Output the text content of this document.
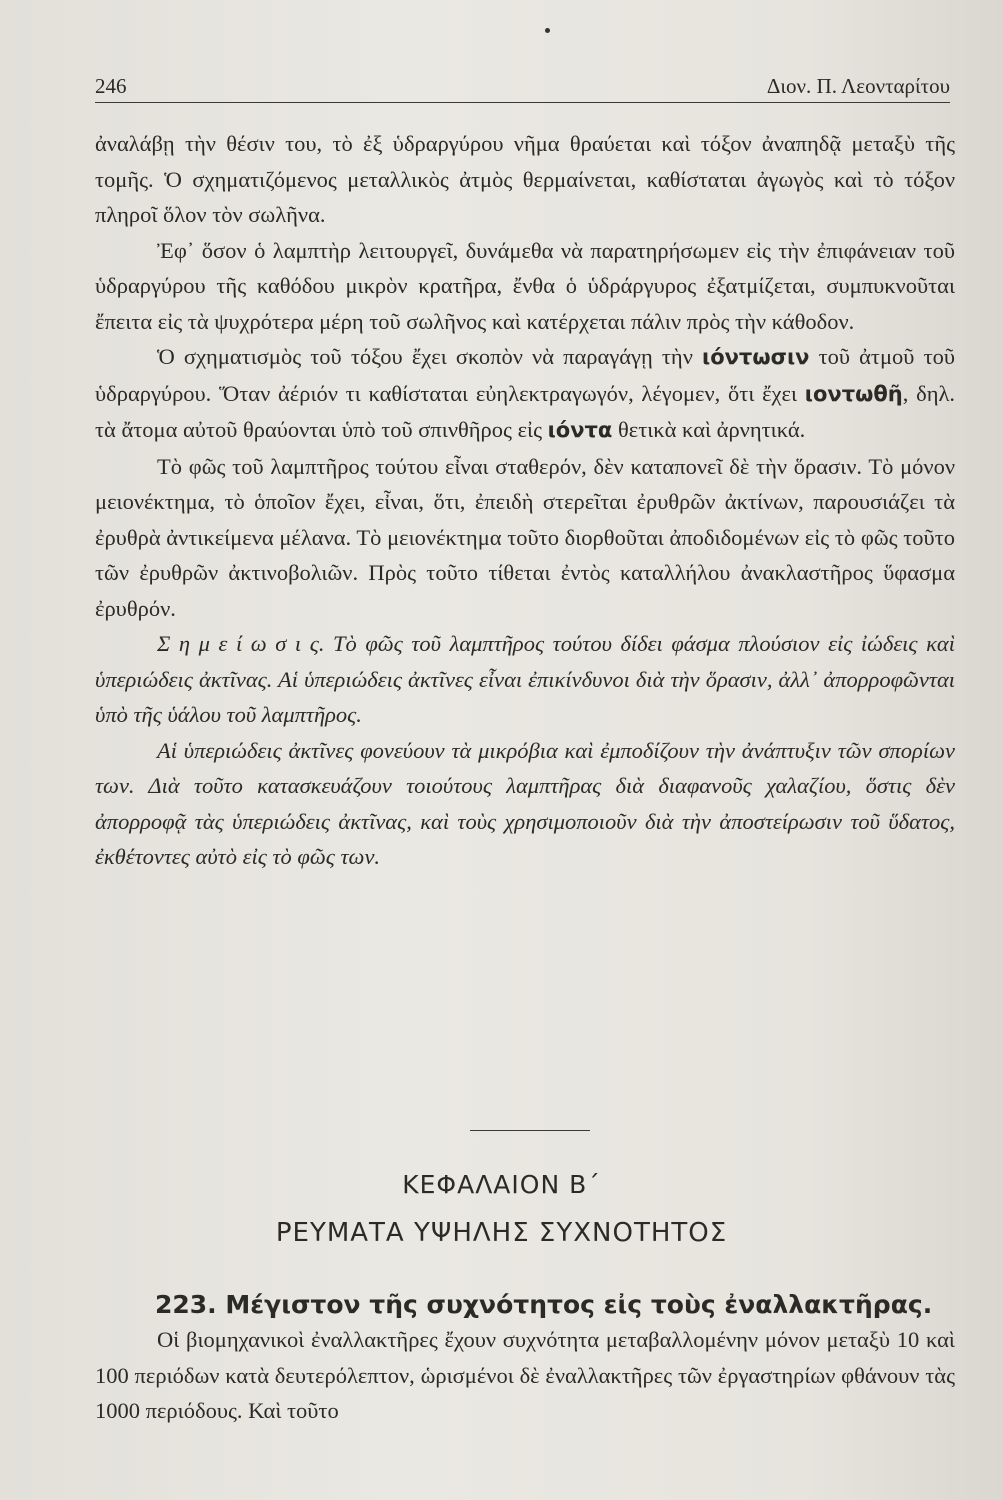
246	Διον. Π. Λεονταρίτου

ἀναλάβῃ τὴν θέσιν του, τὸ ἐξ ὑδραργύρου νῆμα θραύεται καὶ τόξον ἀναπηδᾷ μεταξὺ τῆς τομῆς. Ὁ σχηματιζόμενος μεταλλικὸς ἀτμὸς θερμαίνεται, καθίσταται ἀγωγὸς καὶ τὸ τόξον πληροῖ ὅλον τὸν σωλῆνα.

Ἐφ᾽ ὅσον ὁ λαμπτὴρ λειτουργεῖ, δυνάμεθα νὰ παρατηρήσωμεν εἰς τὴν ἐπιφάνειαν τοῦ ὑδραργύρου τῆς καθόδου μικρὸν κρατῆρα, ἔνθα ὁ ὑδράργυρος ἐξατμίζεται, συμπυκνοῦται ἔπειτα εἰς τὰ ψυχρότερα μέρη τοῦ σωλῆνος καὶ κατέρχεται πάλιν πρὸς τὴν κάθοδον.

Ὁ σχηματισμὸς τοῦ τόξου ἔχει σκοπὸν νὰ παραγάγῃ τὴν ιόντωσιν τοῦ ἀτμοῦ τοῦ ὑδραργύρου. Ὅταν ἀέριόν τι καθίσταται εὐηλεκτραγωγόν, λέγομεν, ὅτι ἔχει ιοντωθῆ, δηλ. τὰ ἄτομα αὐτοῦ θραύονται ὑπὸ τοῦ σπινθῆρος εἰς ιόντα θετικὰ καὶ ἀρνητικά.

Τὸ φῶς τοῦ λαμπτῆρος τούτου εἶναι σταθερόν, δὲν καταπονεῖ δὲ τὴν ὅρασιν. Τὸ μόνον μειονέκτημα, τὸ ὁποῖον ἔχει, εἶναι, ὅτι, ἐπειδὴ στερεῖται ἐρυθρῶν ἀκτίνων, παρουσιάζει τὰ ἐρυθρὰ ἀντικείμενα μέλανα. Τὸ μειονέκτημα τοῦτο διορθοῦται ἀποδιδομένων εἰς τὸ φῶς τοῦτο τῶν ἐρυθρῶν ἀκτινοβολιῶν. Πρὸς τοῦτο τίθεται ἐντὸς καταλλήλου ἀνακλαστῆρος ὕφασμα ἐρυθρόν.

Σ η μ ε ί ω σ ι ς. Τὸ φῶς τοῦ λαμπτῆρος τούτου δίδει φάσμα πλούσιον εἰς ἰώδεις καὶ ὑπεριώδεις ἀκτῖνας. Αἱ ὑπεριώδεις ἀκτῖνες εἶναι ἐπικίνδυνοι διὰ τὴν ὅρασιν, ἀλλ᾽ ἀπορροφῶνται ὑπὸ τῆς ὑάλου τοῦ λαμπτῆρος.

Αἱ ὑπεριώδεις ἀκτῖνες φονεύουν τὰ μικρόβια καὶ ἐμποδίζουν τὴν ἀνάπτυξιν τῶν σπορίων των. Διὰ τοῦτο κατασκευάζουν τοιούτους λαμπτῆρας διὰ διαφανοῦς χαλαζίου, ὅστις δὲν ἀπορροφᾷ τὰς ὑπεριώδεις ἀκτῖνας, καὶ τοὺς χρησιμοποιοῦν διὰ τὴν ἀποστείρωσιν τοῦ ὕδατος, ἐκθέτοντες αὐτὸ εἰς τὸ φῶς των.

ΚΕΦΑΛΑΙΟΝ Β΄
ΡΕΥΜΑΤΑ ΥΨΗΛΗΣ ΣΥΧΝΟΤΗΤΟΣ
223. Μέγιστον τῆς συχνότητος εἰς τοὺς ἐναλλακτῆρας.

Οἱ βιομηχανικοὶ ἐναλλακτῆρες ἔχουν συχνότητα μεταβαλλομένην μόνον μεταξὺ 10 καὶ 100 περιόδων κατὰ δευτερόλεπτον, ὡρισμένοι δὲ ἐναλλακτῆρες τῶν ἐργαστηρίων φθάνουν τὰς 1000 περιόδους. Καὶ τοῦτο
